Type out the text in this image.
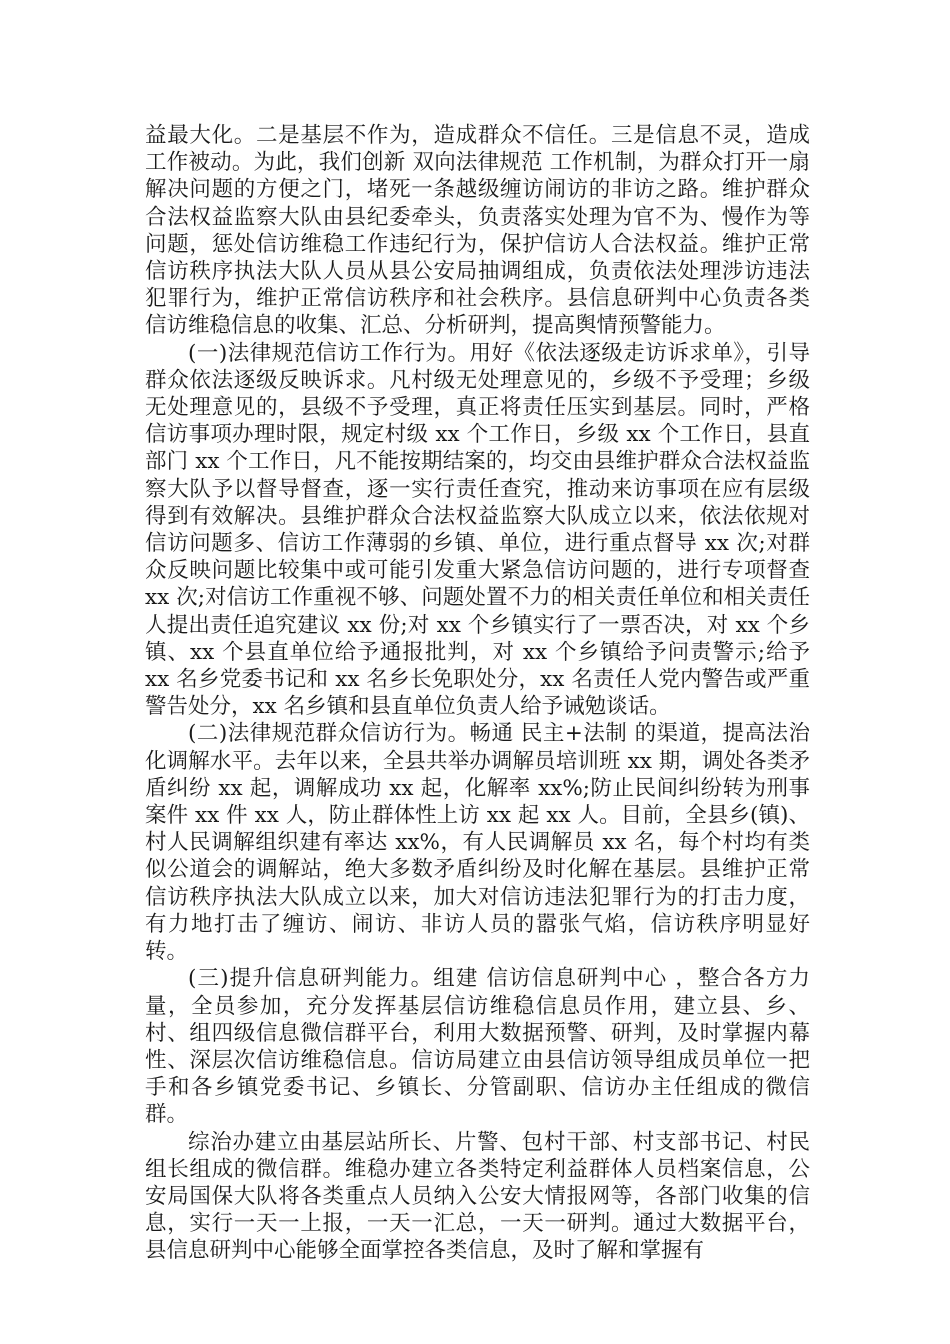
益最大化。二是基层不作为，造成群众不信任。三是信息不灵，造成工作被动。为此，我们创新 双向法律规范 工作机制，为群众打开一扇解决问题的方便之门，堵死一条越级缠访闹访的非访之路。维护群众合法权益监察大队由县纪委牵头，负责落实处理为官不为、慢作为等问题，惩处信访维稳工作违纪行为，保护信访人合法权益。维护正常信访秩序执法大队人员从县公安局抽调组成，负责依法处理涉访违法犯罪行为，维护正常信访秩序和社会秩序。县信息研判中心负责各类信访维稳信息的收集、汇总、分析研判，提高舆情预警能力。

(一)法律规范信访工作行为。用好《依法逐级走访诉求单》，引导群众依法逐级反映诉求。凡村级无处理意见的，乡级不予受理；乡级无处理意见的，县级不予受理，真正将责任压实到基层。同时，严格信访事项办理时限，规定村级 xx 个工作日，乡级 xx 个工作日，县直部门 xx 个工作日，凡不能按期结案的，均交由县维护群众合法权益监察大队予以督导督查，逐一实行责任查究，推动来访事项在应有层级得到有效解决。县维护群众合法权益监察大队成立以来，依法依规对信访问题多、信访工作薄弱的乡镇、单位，进行重点督导 xx 次;对群众反映问题比较集中或可能引发重大紧急信访问题的，进行专项督查 xx 次;对信访工作重视不够、问题处置不力的相关责任单位和相关责任人提出责任追究建议 xx 份;对 xx 个乡镇实行了一票否决，对 xx 个乡镇、xx 个县直单位给予通报批判，对 xx 个乡镇给予问责警示;给予 xx 名乡党委书记和 xx 名乡长免职处分，xx 名责任人党内警告或严重警告处分，xx 名乡镇和县直单位负责人给予诫勉谈话。

(二)法律规范群众信访行为。畅通 民主+法制 的渠道，提高法治化调解水平。去年以来，全县共举办调解员培训班 xx 期，调处各类矛盾纠纷 xx 起，调解成功 xx 起，化解率 xx%;防止民间纠纷转为刑事案件 xx 件 xx 人，防止群体性上访 xx 起 xx 人。目前，全县乡(镇)、村人民调解组织建有率达 xx%，有人民调解员 xx 名，每个村均有类似公道会的调解站，绝大多数矛盾纠纷及时化解在基层。县维护正常信访秩序执法大队成立以来，加大对信访违法犯罪行为的打击力度，有力地打击了缠访、闹访、非访人员的嚣张气焰，信访秩序明显好转。

(三)提升信息研判能力。组建 信访信息研判中心 ，整合各方力量，全员参加，充分发挥基层信访维稳信息员作用，建立县、乡、村、组四级信息微信群平台，利用大数据预警、研判，及时掌握内幕性、深层次信访维稳信息。信访局建立由县信访领导组成员单位一把手和各乡镇党委书记、乡镇长、分管副职、信访办主任组成的微信群。

综治办建立由基层站所长、片警、包村干部、村支部书记、村民组长组成的微信群。维稳办建立各类特定利益群体人员档案信息，公安局国保大队将各类重点人员纳入公安大情报网等，各部门收集的信息，实行一天一上报，一天一汇总，一天一研判。通过大数据平台，县信息研判中心能够全面掌控各类信息，及时了解和掌握有
